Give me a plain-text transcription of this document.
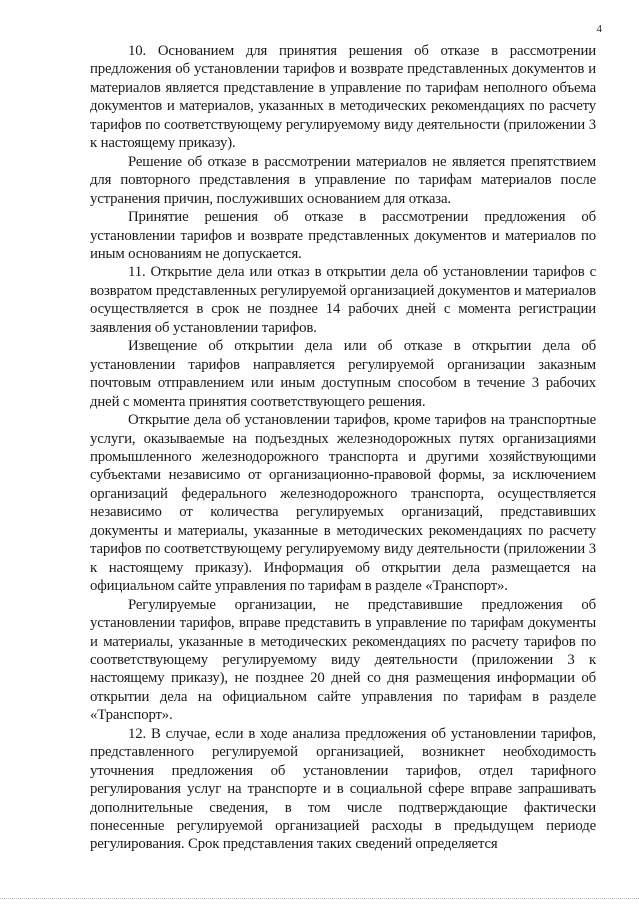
4

10. Основанием для принятия решения об отказе в рассмотрении предложения об установлении тарифов и возврате представленных документов и материалов является представление в управление по тарифам неполного объема документов и материалов, указанных в методических рекомендациях по расчету тарифов по соответствующему регулируемому виду деятельности (приложении 3 к настоящему приказу).

Решение об отказе в рассмотрении материалов не является препятствием для повторного представления в управление по тарифам материалов после устранения причин, послуживших основанием для отказа.

Принятие решения об отказе в рассмотрении предложения об установлении тарифов и возврате представленных документов и материалов по иным основаниям не допускается.

11. Открытие дела или отказ в открытии дела об установлении тарифов с возвратом представленных регулируемой организацией документов и материалов осуществляется в срок не позднее 14 рабочих дней с момента регистрации заявления об установлении тарифов.

Извещение об открытии дела или об отказе в открытии дела об установлении тарифов направляется регулируемой организации заказным почтовым отправлением или иным доступным способом в течение 3 рабочих дней с момента принятия соответствующего решения.

Открытие дела об установлении тарифов, кроме тарифов на транспортные услуги, оказываемые на подъездных железнодорожных путях организациями промышленного железнодорожного транспорта и другими хозяйствующими субъектами независимо от организационно-правовой формы, за исключением организаций федерального железнодорожного транспорта, осуществляется независимо от количества регулируемых организаций, представивших документы и материалы, указанные в методических рекомендациях по расчету тарифов по соответствующему регулируемому виду деятельности (приложении 3 к настоящему приказу). Информация об открытии дела размещается на официальном сайте управления по тарифам в разделе «Транспорт».

Регулируемые организации, не представившие предложения об установлении тарифов, вправе представить в управление по тарифам документы и материалы, указанные в методических рекомендациях по расчету тарифов по соответствующему регулируемому виду деятельности (приложении 3 к настоящему приказу), не позднее 20 дней со дня размещения информации об открытии дела на официальном сайте управления по тарифам в разделе «Транспорт».

12. В случае, если в ходе анализа предложения об установлении тарифов, представленного регулируемой организацией, возникнет необходимость уточнения предложения об установлении тарифов, отдел тарифного регулирования услуг на транспорте и в социальной сфере вправе запрашивать дополнительные сведения, в том числе подтверждающие фактически понесенные регулируемой организацией расходы в предыдущем периоде регулирования. Срок представления таких сведений определяется
